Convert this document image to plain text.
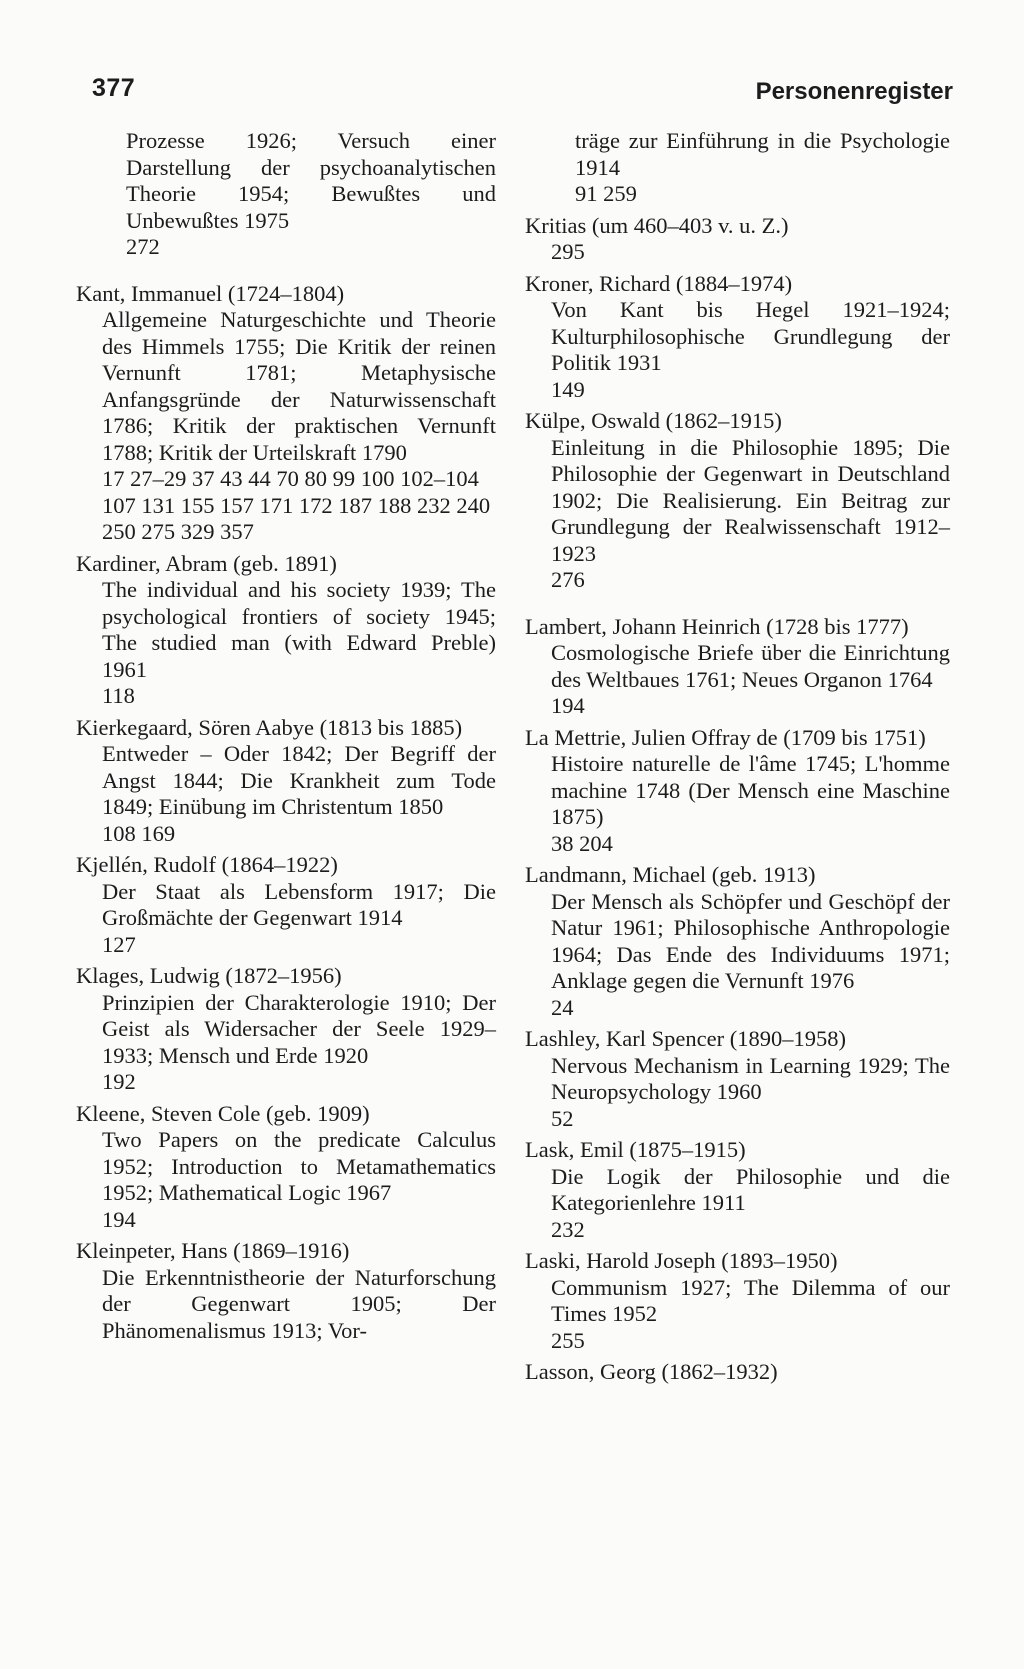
377	Personenregister
Prozesse 1926; Versuch einer Darstellung der psychoanalytischen Theorie 1954; Bewußtes und Unbewußtes 1975
272
Kant, Immanuel (1724–1804)
Allgemeine Naturgeschichte und Theorie des Himmels 1755; Die Kritik der reinen Vernunft 1781; Metaphysische Anfangsgründe der Naturwissenschaft 1786; Kritik der praktischen Vernunft 1788; Kritik der Urteilskraft 1790
17 27–29 37 43 44 70 80 99 100 102–104 107 131 155 157 171 172 187 188 232 240 250 275 329 357
Kardiner, Abram (geb. 1891)
The individual and his society 1939; The psychological frontiers of society 1945; The studied man (with Edward Preble) 1961
118
Kierkegaard, Sören Aabye (1813 bis 1885)
Entweder – Oder 1842; Der Begriff der Angst 1844; Die Krankheit zum Tode 1849; Einübung im Christentum 1850
108 169
Kjellén, Rudolf (1864–1922)
Der Staat als Lebensform 1917; Die Großmächte der Gegenwart 1914
127
Klages, Ludwig (1872–1956)
Prinzipien der Charakterologie 1910; Der Geist als Widersacher der Seele 1929–1933; Mensch und Erde 1920
192
Kleene, Steven Cole (geb. 1909)
Two Papers on the predicate Calculus 1952; Introduction to Metamathematics 1952; Mathematical Logic 1967
194
Kleinpeter, Hans (1869–1916)
Die Erkenntnistheorie der Naturforschung der Gegenwart 1905; Der Phänomenalismus 1913; Vor-
träge zur Einführung in die Psychologie 1914
91 259
Kritias (um 460–403 v. u. Z.)
295
Kroner, Richard (1884–1974)
Von Kant bis Hegel 1921–1924; Kulturphilosophische Grundlegung der Politik 1931
149
Külpe, Oswald (1862–1915)
Einleitung in die Philosophie 1895; Die Philosophie der Gegenwart in Deutschland 1902; Die Realisierung. Ein Beitrag zur Grundlegung der Realwissenschaft 1912–1923
276
Lambert, Johann Heinrich (1728 bis 1777)
Cosmologische Briefe über die Einrichtung des Weltbaues 1761; Neues Organon 1764
194
La Mettrie, Julien Offray de (1709 bis 1751)
Histoire naturelle de l'âme 1745; L'homme machine 1748 (Der Mensch eine Maschine 1875)
38 204
Landmann, Michael (geb. 1913)
Der Mensch als Schöpfer und Geschöpf der Natur 1961; Philosophische Anthropologie 1964; Das Ende des Individuums 1971; Anklage gegen die Vernunft 1976
24
Lashley, Karl Spencer (1890–1958)
Nervous Mechanism in Learning 1929; The Neuropsychology 1960
52
Lask, Emil (1875–1915)
Die Logik der Philosophie und die Kategorienlehre 1911
232
Laski, Harold Joseph (1893–1950)
Communism 1927; The Dilemma of our Times 1952
255
Lasson, Georg (1862–1932)
